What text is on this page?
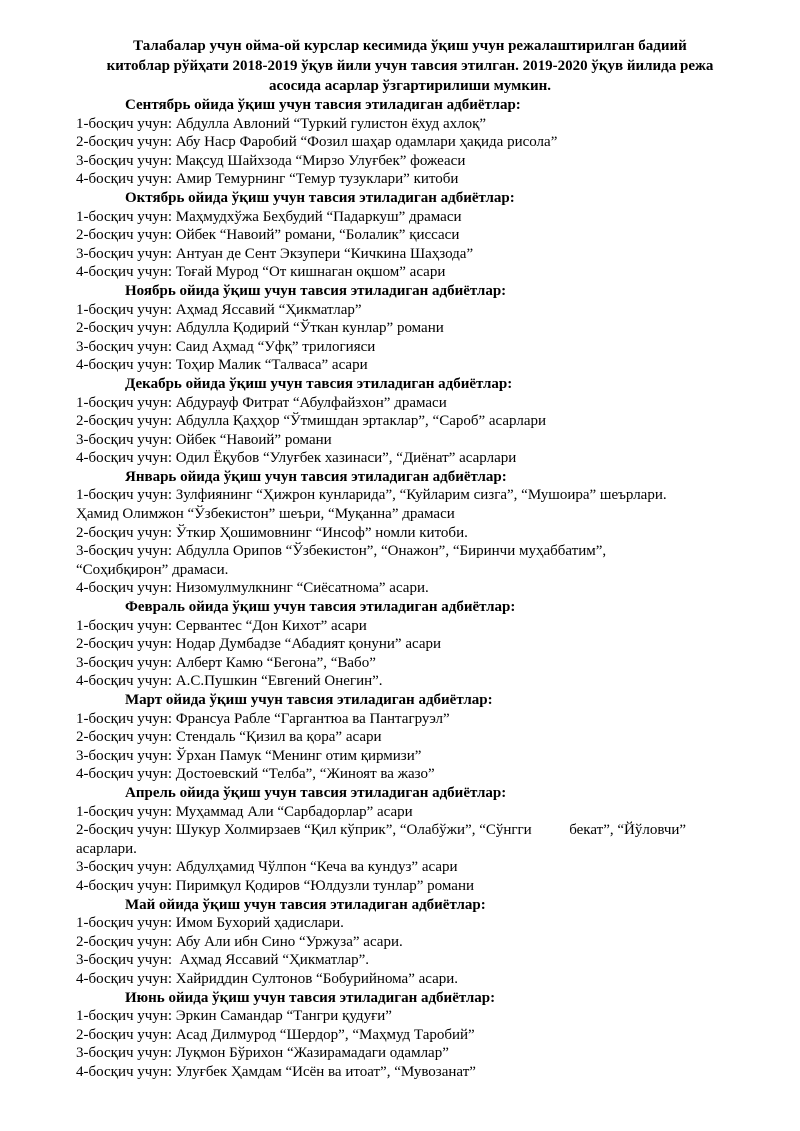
Талабалар учун ойма-ой курслар кесимида ўқиш учун режалаштирилган бадиий
китоблар рўйҳати 2018-2019 ўқув йили учун тавсия этилган. 2019-2020 ўқув йилида режа
асосида асарлар ўзгартирилиши мумкин.
Сентябрь ойида ўқиш учун тавсия этиладиган адбиётлар:
1-босқич учун: Абдулла Авлоний “Туркий гулистон ёхуд ахлоқ”
2-босқич учун: Абу Наср Фаробий “Фозил шаҳар одамлари ҳақида рисола”
3-босқич учун: Мақсуд Шайхзода “Мирзо Улуғбек” фожеаси
4-босқич учун: Амир Темурнинг “Темур тузуклари” китоби
Октябрь ойида ўқиш учун тавсия этиладиган адбиётлар:
1-босқич учун: Маҳмудхўжа Беҳбудий “Падаркуш” драмаси
2-босқич учун: Ойбек “Навоий” романи, “Болалик” қиссаси
3-босқич учун: Антуан де Сент Экзупери “Кичкина Шаҳзода”
4-босқич учун: Тоғай Мурод “От кишнаган оқшом” асари
Ноябрь ойида ўқиш учун тавсия этиладиган адбиётлар:
1-босқич учун: Аҳмад Яссавий “Ҳикматлар”
2-босқич учун: Абдулла Қодирий “Ўткан кунлар” романи
3-босқич учун: Саид Аҳмад “Уфқ” трилогияси
4-босқич учун: Тоҳир Малик “Талваса” асари
Декабрь ойида ўқиш учун тавсия этиладиган адбиётлар:
1-босқич учун: Абдурауф Фитрат “Абулфайзхон” драмаси
2-босқич учун: Абдулла Қаҳҳор “Ўтмишдан эртаклар”, “Сароб” асарлари
3-босқич учун: Ойбек “Навоий” романи
4-босқич учун: Одил Ёқубов “Улуғбек хазинаси”, “Диёнат” асарлари
Январь ойида ўқиш учун тавсия этиладиган адбиётлар:
1-босқич учун: Зулфиянинг “Ҳижрон кунларида”, “Куйларим сизга”, “Мушоира” шеърлари.
Ҳамид Олимжон “Ўзбекистон” шеъри, “Муқанна” драмаси
2-босқич учун: Ўткир Ҳошимовнинг “Инсоф” номли китоби.
3-босқич учун: Абдулла Орипов “Ўзбекистон”, “Онажон”, “Биринчи муҳаббатим”,
“Соҳибқирон” драмаси.
4-босқич учун: Низомулмулкнинг “Сиёсатнома” асари.
Февраль ойида ўқиш учун тавсия этиладиган адбиётлар:
1-босқич учун: Сервантес “Дон Кихот” асари
2-босқич учун: Нодар Думбадзе “Абадият қонуни” асари
3-босқич учун: Алберт Камю “Бегона”, “Вабо”
4-босқич учун: А.С.Пушкин “Евгений Онегин”.
Март ойида ўқиш учун тавсия этиладиган адбиётлар:
1-босқич учун: Франсуа Рабле “Гаргантюа ва Пантагруэл”
2-босқич учун: Стендаль “Қизил ва қора” асари
3-босқич учун: Ўрхан Памук “Менинг отим қирмизи”
4-босқич учун: Достоевский “Телба”, “Жиноят ва жазо”
Апрель ойида ўқиш учун тавсия этиладиган адбиётлар:
1-босқич учун: Муҳаммад Али “Сарбадорлар” асари
2-босқич учун: Шукур Холмирзаев “Қил кўприк”, “Олабўжи”, “Сўнгги          бекат”, “Йўловчи”
асарлари.
3-босқич учун: Абдулҳамид Чўлпон “Кеча ва кундуз” асари
4-босқич учун: Пиримқул Қодиров “Юлдузли тунлар” романи
Май ойида ўқиш учун тавсия этиладиган адбиётлар:
1-босқич учун: Имом Бухорий ҳадислари.
2-босқич учун: Абу Али ибн Сино “Уржуза” асари.
3-босқич учун:  Аҳмад Яссавий “Ҳикматлар”.
4-босқич учун: Хайриддин Султонов “Бобурийнома” асари.
Июнь ойида ўқиш учун тавсия этиладиган адбиётлар:
1-босқич учун: Эркин Самандар “Тангри қудуғи”
2-босқич учун: Асад Дилмурод “Шердор”, “Маҳмуд Таробий”
3-босқич учун: Луқмон Бўрихон “Жазирамадаги одамлар”
4-босқич учун: Улуғбек Ҳамдам “Исён ва итоат”, “Мувозанат”
